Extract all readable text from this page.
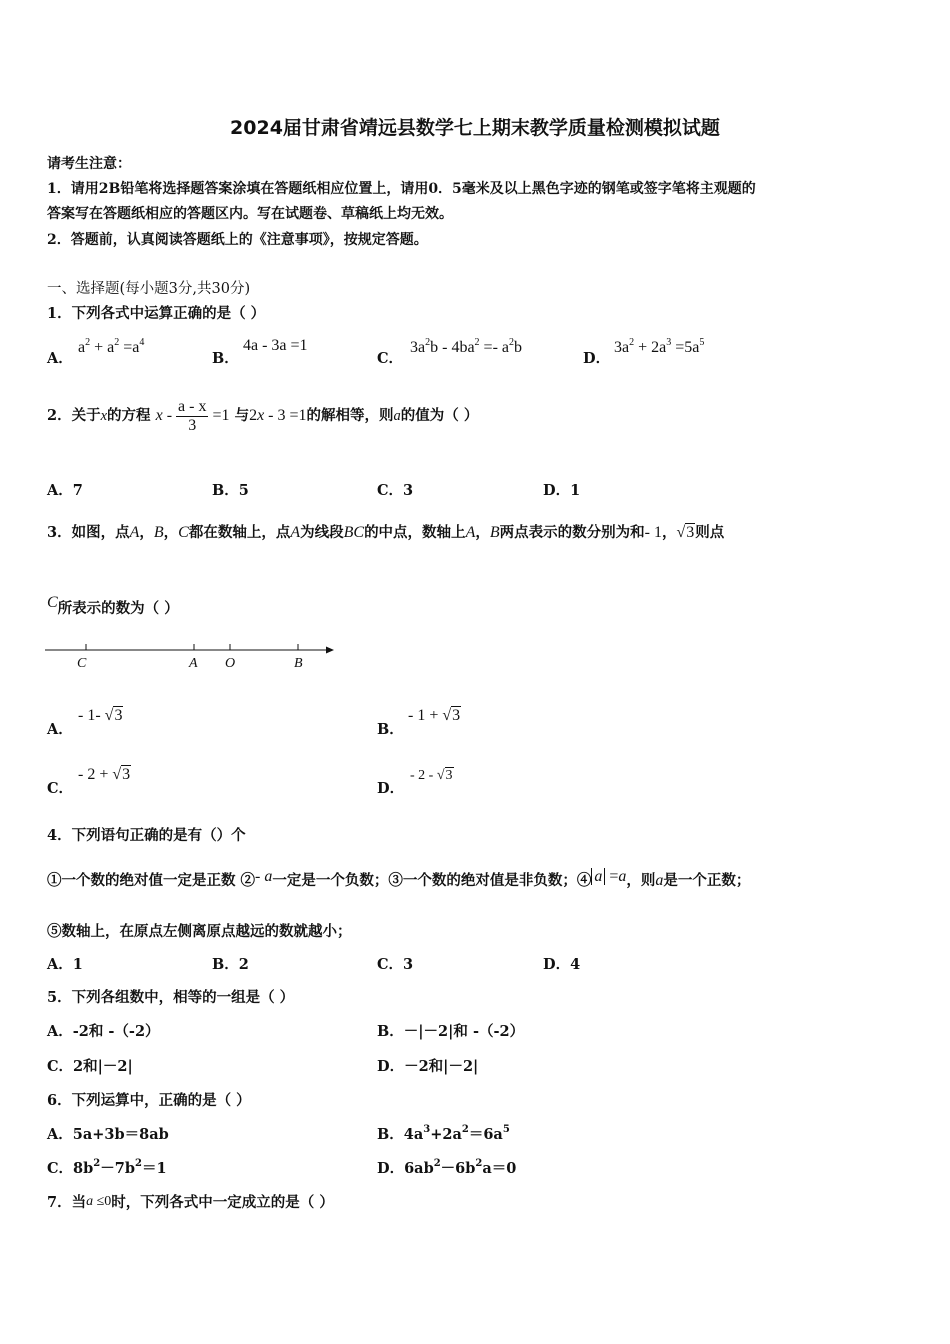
2024届甘肃省靖远县数学七上期末教学质量检测模拟试题
请考生注意：
1．请用2B铅笔将选择题答案涂填在答题纸相应位置上，请用0．5毫米及以上黑色字迹的钢笔或签字笔将主观题的
答案写在答题纸相应的答题区内。写在试题卷、草稿纸上均无效。
2．答题前，认真阅读答题纸上的《注意事项》，按规定答题。
一、选择题(每小题3分,共30分)
1．下列各式中运算正确的是（ ）
A．
$a^2 + a^2 =a^4$
B．
4a - 3a =1
C．
$3a^2b - 4ba^2 =- a^2b$
D．
$3a^2 + 2a^3 =5a^5$
2．关于x的方程 $x - \frac{a - x}{3} =1$ 与2x - 3 =1的解相等，则a的值为（ ）
A．7	B．5	C．3	D．1
3．如图，点A，B，C都在数轴上，点A为线段BC的中点，数轴上A，B两点表示的数分别为和- 1，√3则点
C所表示的数为（ ）
C	A O	B
A．
- 1- √3
B．
- 1 + √3
C．
- 2 + √3
D．
- 2 - √3
4．下列语句正确的是有（）个
①一个数的绝对值一定是正数 ②- a一定是一个负数；③一个数的绝对值是非负数；④ a =a，则a是一个正数；
⑤数轴上，在原点左侧离原点越远的数就越小；
A．1	B．2	C．3	D．4
5．下列各组数中，相等的一组是（ ）
A．-2和 -（-2）	B．－|－2|和 -（-2）
C．2和|－2|	D．－2和|－2|
6．下列运算中，正确的是（ ）
A．5a+3b＝8ab	B．$4a^3+2a^2=6a^5$
C．$8b^2-7b^2=1$	D．$6ab^2-6b^2a=0$
7．当a ≤0时，下列各式中一定成立的是（ ）
